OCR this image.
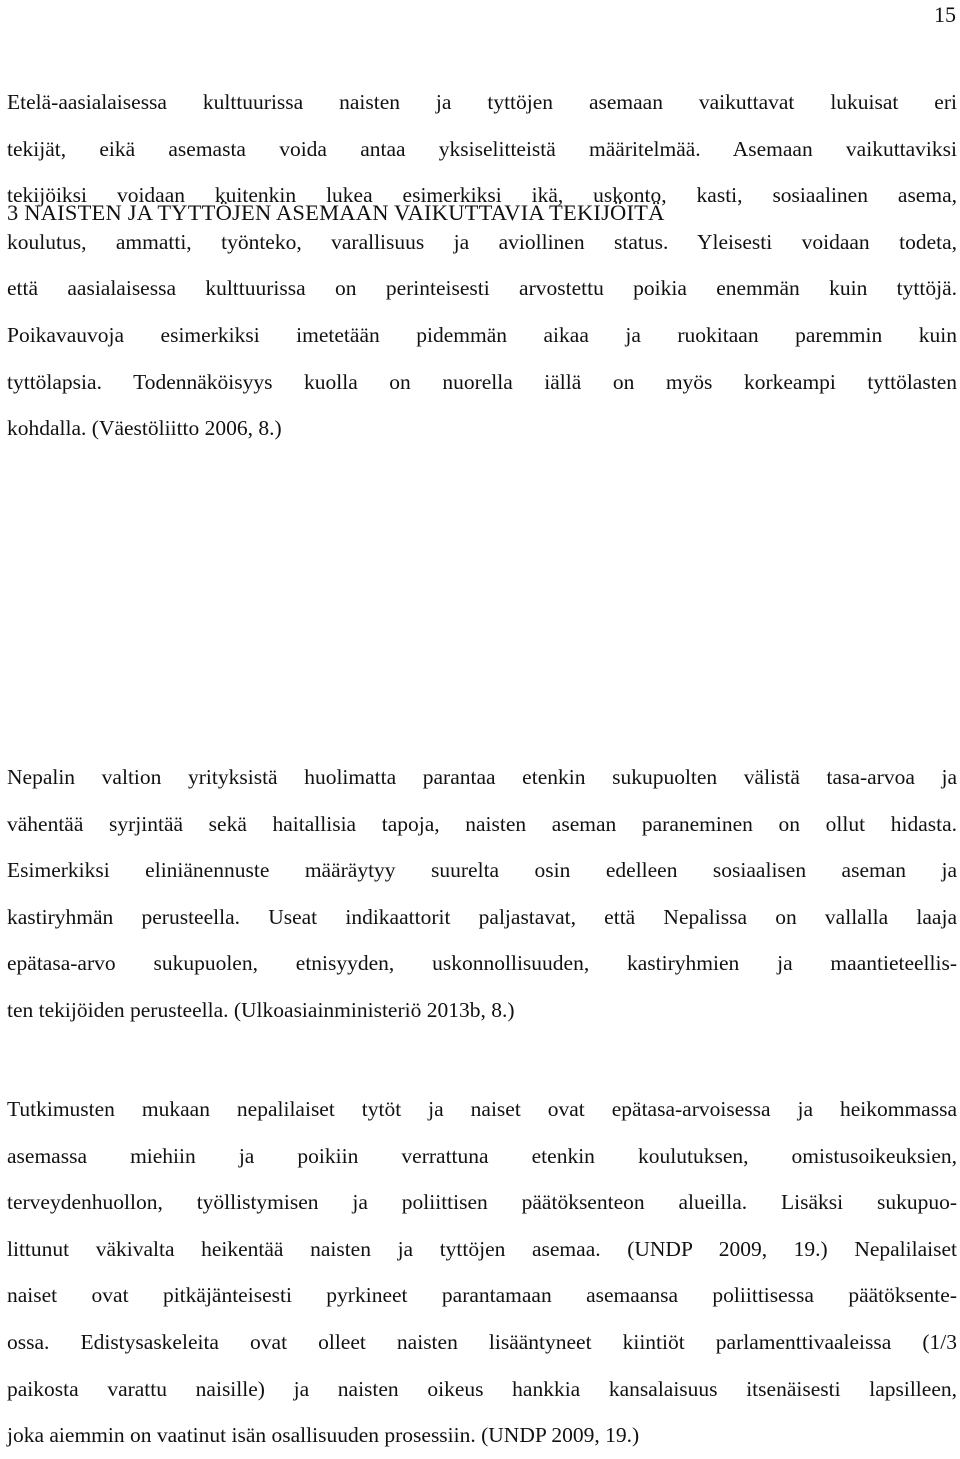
15
3 NAISTEN JA TYTTÖJEN ASEMAAN VAIKUTTAVIA TEKIJÖITÄ

Etelä-aasialaisessa kulttuurissa naisten ja tyttöjen asemaan vaikuttavat lukuisat eri
tekijät, eikä asemasta voida antaa yksiselitteistä määritelmää. Asemaan vaikuttaviksi
tekijöiksi voidaan kuitenkin lukea esimerkiksi ikä, uskonto, kasti, sosiaalinen asema,
koulutus, ammatti, työnteko, varallisuus ja aviollinen status. Yleisesti voidaan todeta,
että aasialaisessa kulttuurissa on perinteisesti arvostettu poikia enemmän kuin tyttöjä.
Poikavauvoja esimerkiksi imetetään pidemmän aikaa ja ruokitaan paremmin kuin
tyttölapsia. Todennäköisyys kuolla on nuorella iällä on myös korkeampi tyttölasten
kohdalla. (Väestöliitto 2006, 8.)

Nepalin valtion yrityksistä huolimatta parantaa etenkin sukupuolten välistä tasa-arvoa ja
vähentää syrjintää sekä haitallisia tapoja, naisten aseman paraneminen on ollut hidasta.
Esimerkiksi eliniänennuste määräytyy suurelta osin edelleen sosiaalisen aseman ja
kastiryhmän perusteella. Useat indikaattorit paljastavat, että Nepalissa on vallalla laaja
epätasa-arvo sukupuolen, etnisyyden, uskonnollisuuden, kastiryhmien ja maantieteellis-
ten tekijöiden perusteella. (Ulkoasiainministeriö 2013b, 8.)

Tutkimusten mukaan nepalilaiset tytöt ja naiset ovat epätasa-arvoisessa ja heikommassa
asemassa miehiin ja poikiin verrattuna etenkin koulutuksen, omistusoikeuksien,
terveydenhuollon, työllistymisen ja poliittisen päätöksenteon alueilla. Lisäksi sukupuo-
littunut väkivalta heikentää naisten ja tyttöjen asemaa. (UNDP 2009, 19.) Nepalilaiset
naiset ovat pitkäjänteisesti pyrkineet parantamaan asemaansa poliittisessa päätöksente-
ossa. Edistysaskeleita ovat olleet naisten lisääntyneet kiintiöt parlamenttivaaleissa (1/3
paikosta varattu naisille) ja naisten oikeus hankkia kansalaisuus itsenäisesti lapsilleen,
joka aiemmin on vaatinut isän osallisuuden prosessiin. (UNDP 2009, 19.)
